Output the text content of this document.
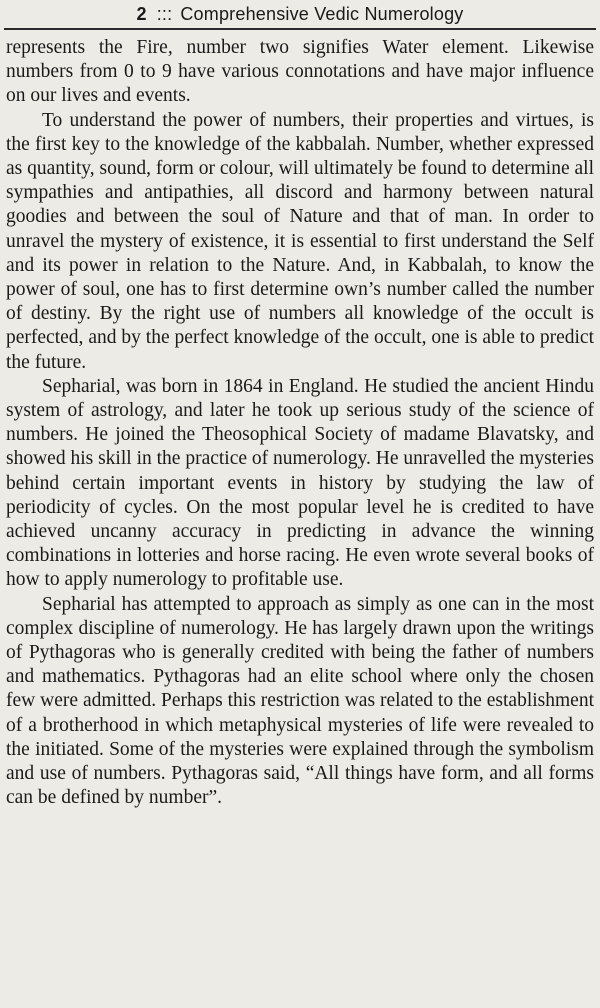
2 ::: Comprehensive Vedic Numerology

represents the Fire, number two signifies Water element. Likewise numbers from 0 to 9 have various connotations and have major influence on our lives and events.

To understand the power of numbers, their properties and virtues, is the first key to the knowledge of the kabbalah. Number, whether expressed as quantity, sound, form or colour, will ultimately be found to determine all sympathies and antipathies, all discord and harmony between natural goodies and between the soul of Nature and that of man. In order to unravel the mystery of existence, it is essential to first understand the Self and its power in relation to the Nature. And, in Kabbalah, to know the power of soul, one has to first determine own’s number called the number of destiny. By the right use of numbers all knowledge of the occult is perfected, and by the perfect knowledge of the occult, one is able to predict the future.

Sepharial, was born in 1864 in England. He studied the ancient Hindu system of astrology, and later he took up serious study of the science of numbers. He joined the Theosophical Society of madame Blavatsky, and showed his skill in the practice of numerology. He unravelled the mysteries behind certain important events in history by studying the law of periodicity of cycles. On the most popular level he is credited to have achieved uncanny accuracy in predicting in advance the winning combinations in lotteries and horse racing. He even wrote several books of how to apply numerology to profitable use.

Sepharial has attempted to approach as simply as one can in the most complex discipline of numerology. He has largely drawn upon the writings of Pythagoras who is generally credited with being the father of numbers and mathematics. Pythagoras had an elite school where only the chosen few were admitted. Perhaps this restriction was related to the establishment of a brotherhood in which metaphysical mysteries of life were revealed to the initiated. Some of the mysteries were explained through the symbolism and use of numbers. Pythagoras said, “All things have form, and all forms can be defined by number”.
